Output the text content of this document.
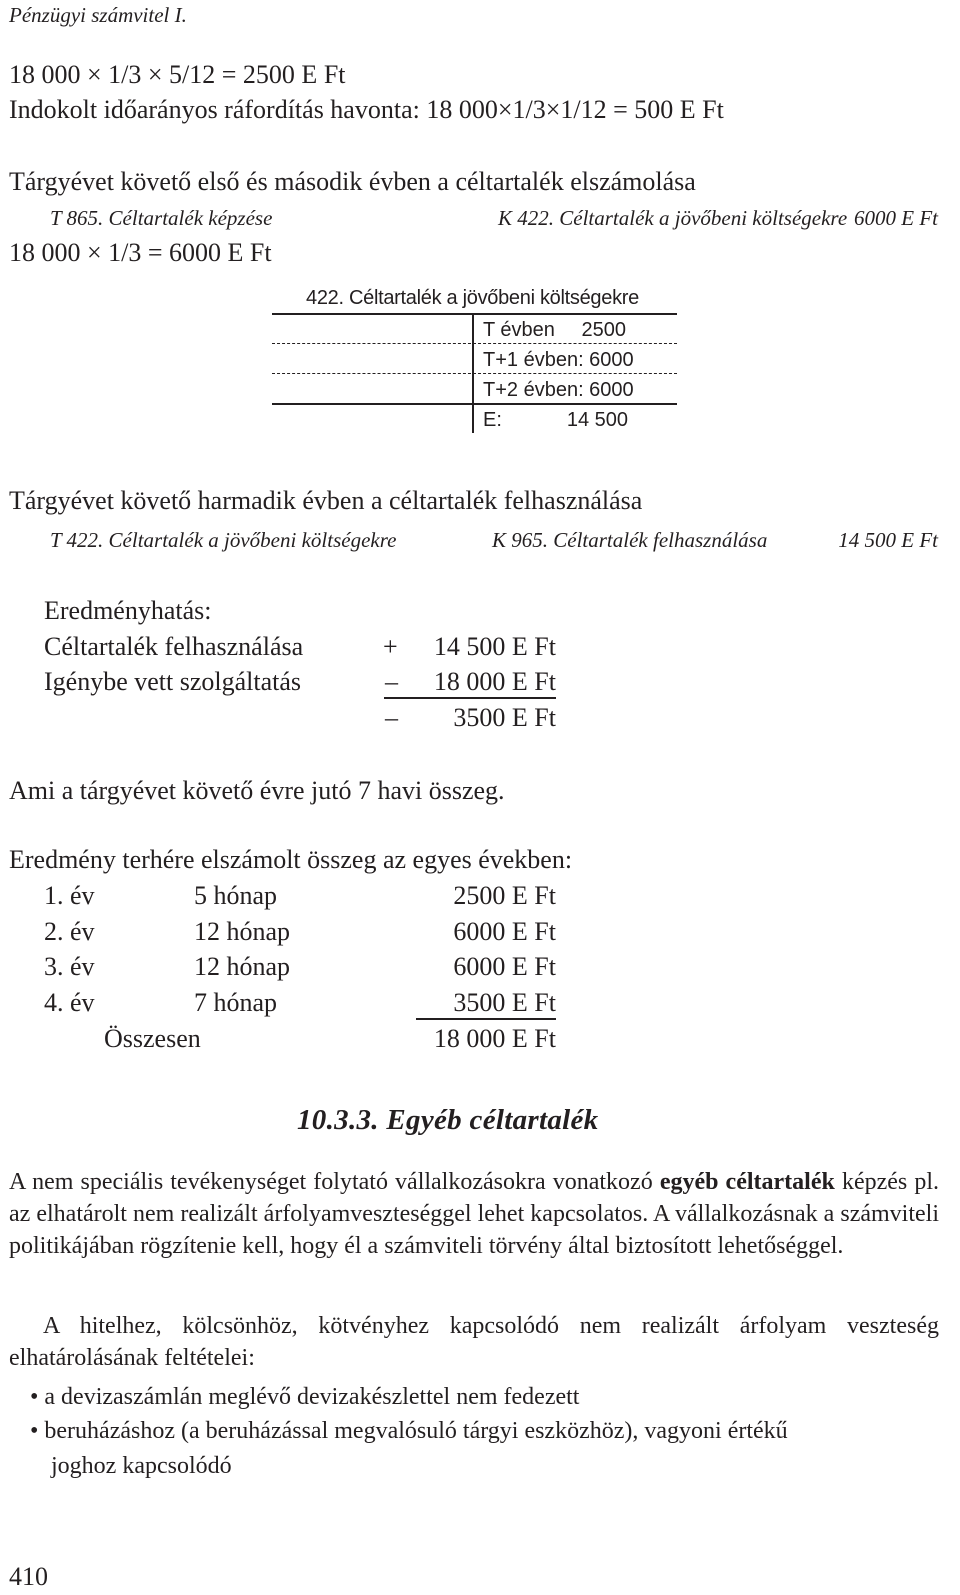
Pénzügyi számvitel I.
18 000 × 1/3 × 5/12 = 2500 E Ft
Indokolt időarányos ráfordítás havonta: 18 000×1/3×1/12 = 500 E Ft
Tárgyévet követő első és második évben a céltartalék elszámolása
T 865. Céltartalék képzése	K 422. Céltartalék a jövőbeni költségekre 6000 E Ft
18 000 × 1/3 = 6000 E Ft
422. Céltartalék a jövőbeni költségekre
T évben	2500
T+1 évben: 6000
T+2 évben: 6000
E:	14 500
Tárgyévet követő harmadik évben a céltartalék felhasználása
T 422. Céltartalék a jövőbeni költségekre	K 965. Céltartalék felhasználása	14 500 E Ft
Eredményhatás:
Céltartalék felhasználása	+	14 500 E Ft
Igénybe vett szolgáltatás	–	18 000 E Ft
–	3500 E Ft
Ami a tárgyévet követő évre jutó 7 havi összeg.
Eredmény terhére elszámolt összeg az egyes években:
1. év	5 hónap	2500 E Ft
2. év	12 hónap	6000 E Ft
3. év	12 hónap	6000 E Ft
4. év	7 hónap	3500 E Ft
Összesen	18 000 E Ft
10.3.3. Egyéb céltartalék

A nem speciális tevékenységet folytató vállalkozásokra vonatkozó egyéb céltartalék képzés pl. az elhatárolt nem realizált árfolyamveszteséggel lehet kapcsolatos. A vállalkozásnak a számviteli politikájában rögzítenie kell, hogy él a számviteli törvény által biztosított lehetőséggel.

A hitelhez, kölcsönhöz, kötvényhez kapcsolódó nem realizált árfolyam veszteség elhatárolásának feltételei:

• a devizaszámlán meglévő devizakészlettel nem fedezett
• beruházáshoz (a beruházással megvalósuló tárgyi eszközhöz), vagyoni értékű
joghoz kapcsolódó
410
